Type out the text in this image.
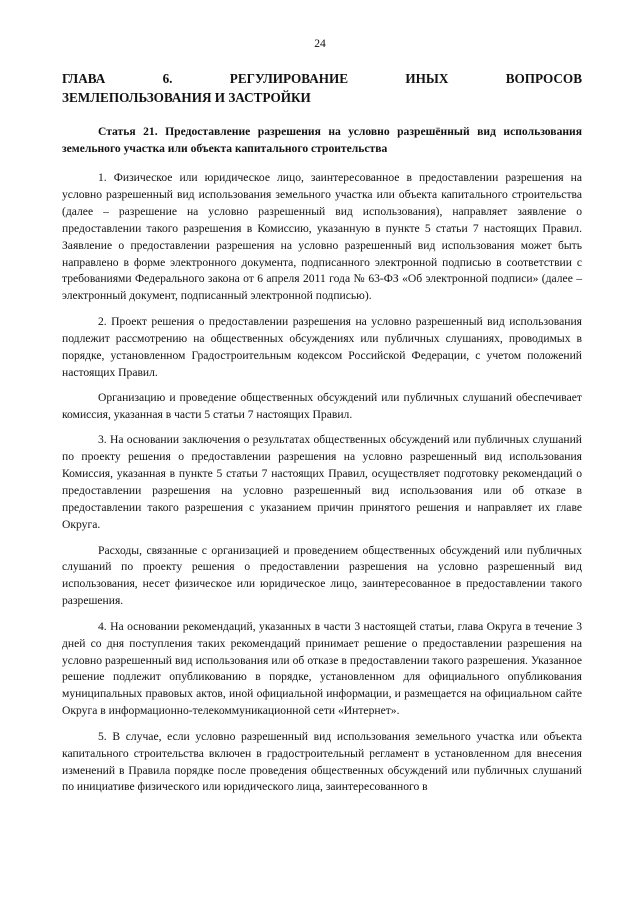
24
ГЛАВА	6.	РЕГУЛИРОВАНИЕ	ИНЫХ	ВОПРОСОВ
ЗЕМЛЕПОЛЬЗОВАНИЯ И ЗАСТРОЙКИ
Статья 21. Предоставление разрешения на условно разрешённый вид использования земельного участка или объекта капитального строительства

1. Физическое или юридическое лицо, заинтересованное в предоставлении разрешения на условно разрешенный вид использования земельного участка или объекта капитального строительства (далее – разрешение на условно разрешенный вид использования), направляет заявление о предоставлении такого разрешения в Комиссию, указанную в пункте 5 статьи 7 настоящих Правил. Заявление о предоставлении разрешения на условно разрешенный вид использования может быть направлено в форме электронного документа, подписанного электронной подписью в соответствии с требованиями Федерального закона от 6 апреля 2011 года № 63-ФЗ «Об электронной подписи» (далее – электронный документ, подписанный электронной подписью).

2. Проект решения о предоставлении разрешения на условно разрешенный вид использования подлежит рассмотрению на общественных обсуждениях или публичных слушаниях, проводимых в порядке, установленном Градостроительным кодексом Российской Федерации, с учетом положений настоящих Правил.

Организацию и проведение общественных обсуждений или публичных слушаний обеспечивает комиссия, указанная в части 5 статьи 7 настоящих Правил.

3. На основании заключения о результатах общественных обсуждений или публичных слушаний по проекту решения о предоставлении разрешения на условно разрешенный вид использования Комиссия, указанная в пункте 5 статьи 7 настоящих Правил, осуществляет подготовку рекомендаций о предоставлении разрешения на условно разрешенный вид использования или об отказе в предоставлении такого разрешения с указанием причин принятого решения и направляет их главе Округа.

Расходы, связанные с организацией и проведением общественных обсуждений или публичных слушаний по проекту решения о предоставлении разрешения на условно разрешенный вид использования, несет физическое или юридическое лицо, заинтересованное в предоставлении такого разрешения.

4. На основании рекомендаций, указанных в части 3 настоящей статьи, глава Округа в течение 3 дней со дня поступления таких рекомендаций принимает решение о предоставлении разрешения на условно разрешенный вид использования или об отказе в предоставлении такого разрешения. Указанное решение подлежит опубликованию в порядке, установленном для официального опубликования муниципальных правовых актов, иной официальной информации, и размещается на официальном сайте Округа в информационно-телекоммуникационной сети «Интернет».

5. В случае, если условно разрешенный вид использования земельного участка или объекта капитального строительства включен в градостроительный регламент в установленном для внесения изменений в Правила порядке после проведения общественных обсуждений или публичных слушаний по инициативе физического или юридического лица, заинтересованного в
